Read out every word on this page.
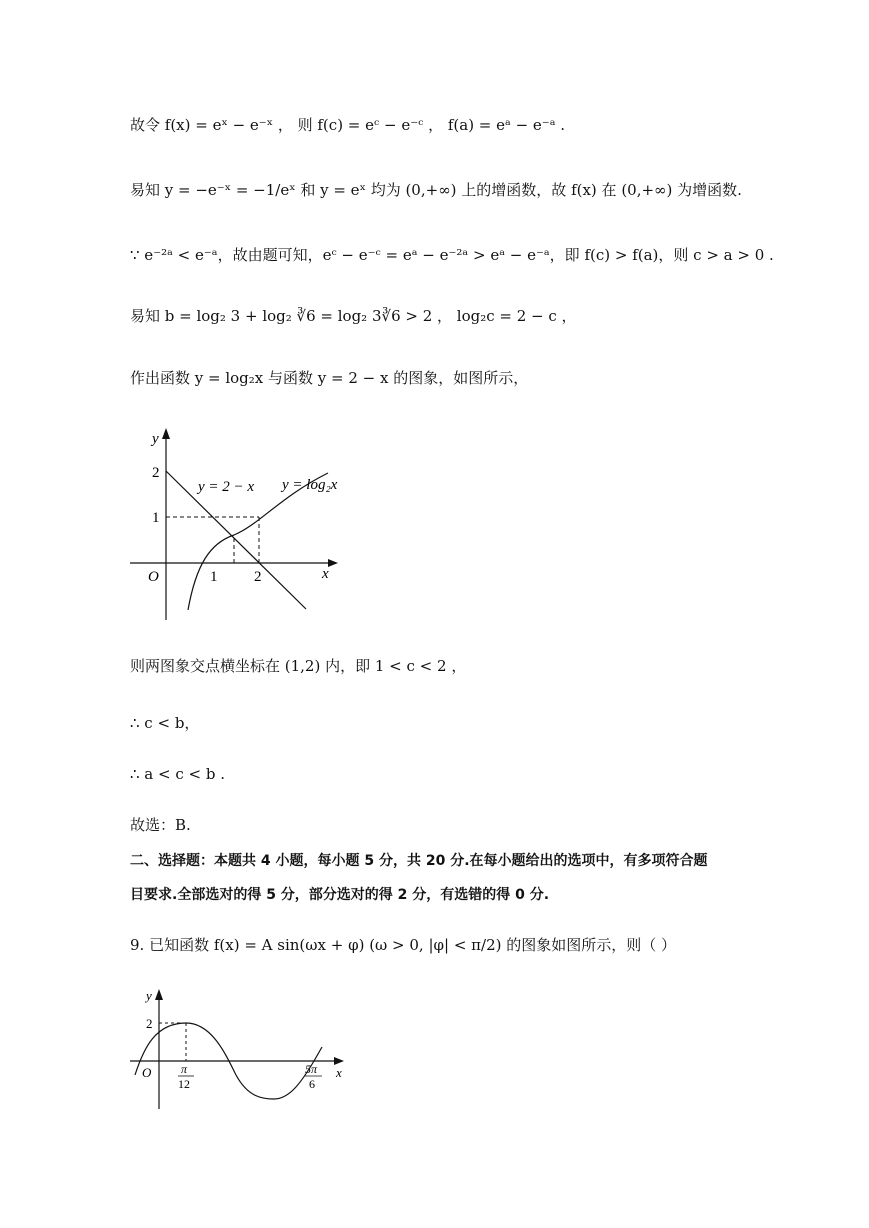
故令 f(x) = eˣ − e⁻ˣ ， 则 f(c) = eᶜ − e⁻ᶜ ， f(a) = eᵃ − e⁻ᵃ .
易知 y = −e⁻ˣ = −1/eˣ 和 y = eˣ 均为 (0,+∞) 上的增函数，故 f(x) 在 (0,+∞) 为增函数.
∵ e⁻²ᵃ < e⁻ᵃ，故由题可知，eᶜ − e⁻ᶜ = eᵃ − e⁻²ᵃ > eᵃ − e⁻ᵃ，即 f(c) > f(a)，则 c > a > 0 .
易知 b = log₂ 3 + log₂ ∛6 = log₂ 3∛6 > 2 ， log₂c = 2 − c ，
作出函数 y = log₂x 与函数 y = 2 − x 的图象，如图所示，
y
x
O
2
1
1 2
y = 2 − x y = log₂x
则两图象交点横坐标在 (1,2) 内，即 1 < c < 2 ，
∴ c < b，
∴ a < c < b .
故选：B.
二、选择题：本题共 4 小题，每小题 5 分，共 20 分.在每小题给出的选项中，有多项符合题
目要求.全部选对的得 5 分，部分选对的得 2 分，有选错的得 0 分.
9. 已知函数 f(x) = A sin(ωx + φ) (ω > 0, |φ| < π/2) 的图象如图所示，则（ ）
y
x
O
2
π
12
5π
6
